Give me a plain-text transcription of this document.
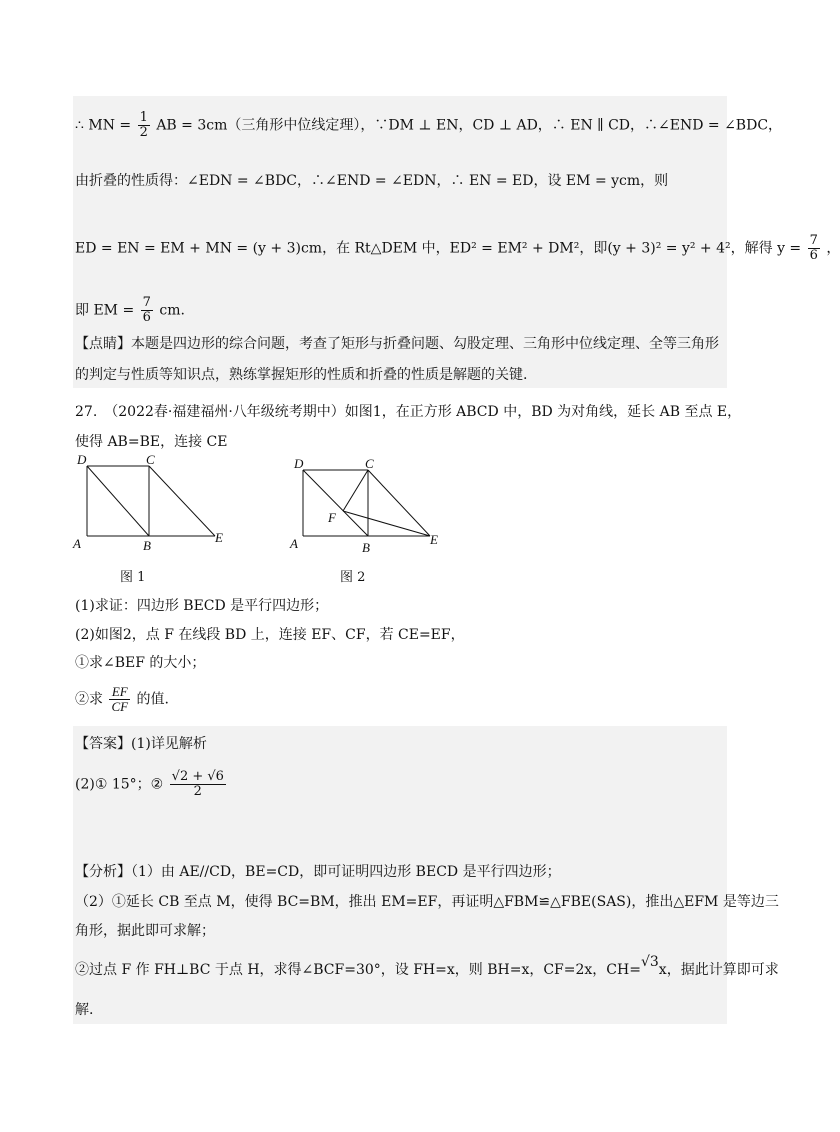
∴ MN = $\frac{1}{2}$ AB = 3cm（三角形中位线定理），∵DM ⊥ EN，CD ⊥ AD，∴ EN ∥ CD，∴∠END = ∠BDC，
由折叠的性质得：∠EDN = ∠BDC，∴∠END = ∠EDN，∴ EN = ED，设 EM = ycm，则
ED = EN = EM + MN = (y + 3)cm，在 Rt△DEM 中，ED² = EM² + DM²，即(y + 3)² = y² + 4²，解得 $y = \frac{7}{6}$ ，
即 EM = $\frac{7}{6}$ cm.
【点睛】本题是四边形的综合问题，考查了矩形与折叠问题、勾股定理、三角形中位线定理、全等三角形
的判定与性质等知识点，熟练掌握矩形的性质和折叠的性质是解题的关键.
27.　（2022春·福建福州·八年级统考期中）如图1，在正方形 ABCD 中，BD 为对角线，延长 AB 至点 E，
使得 AB=BE，连接 CE
D	C
A	B
E
图 1
D	C
F
A	B
E
图 2
(1)求证：四边形 BECD 是平行四边形；
(2)如图2，点 F 在线段 BD 上，连接 EF、CF，若 CE=EF，
①求∠BEF 的大小；
②求 $\frac{EF}{CF}$ 的值.
【答案】(1)详见解析
(2)① 15°；② $\frac{√2 + √6}{2}$
【分析】（1）由 AE//CD，BE=CD，即可证明四边形 BECD 是平行四边形；
（2）①延长 CB 至点 M，使得 BC=BM，推出 EM=EF，再证明△FBM≌△FBE(SAS)，推出△EFM 是等边三
角形，据此即可求解；
②过点 F 作 FH⊥BC 于点 H，求得∠BCF=30°，设 FH=x，则 BH=x，CF=2x，CH=√3x，据此计算即可求
解.
